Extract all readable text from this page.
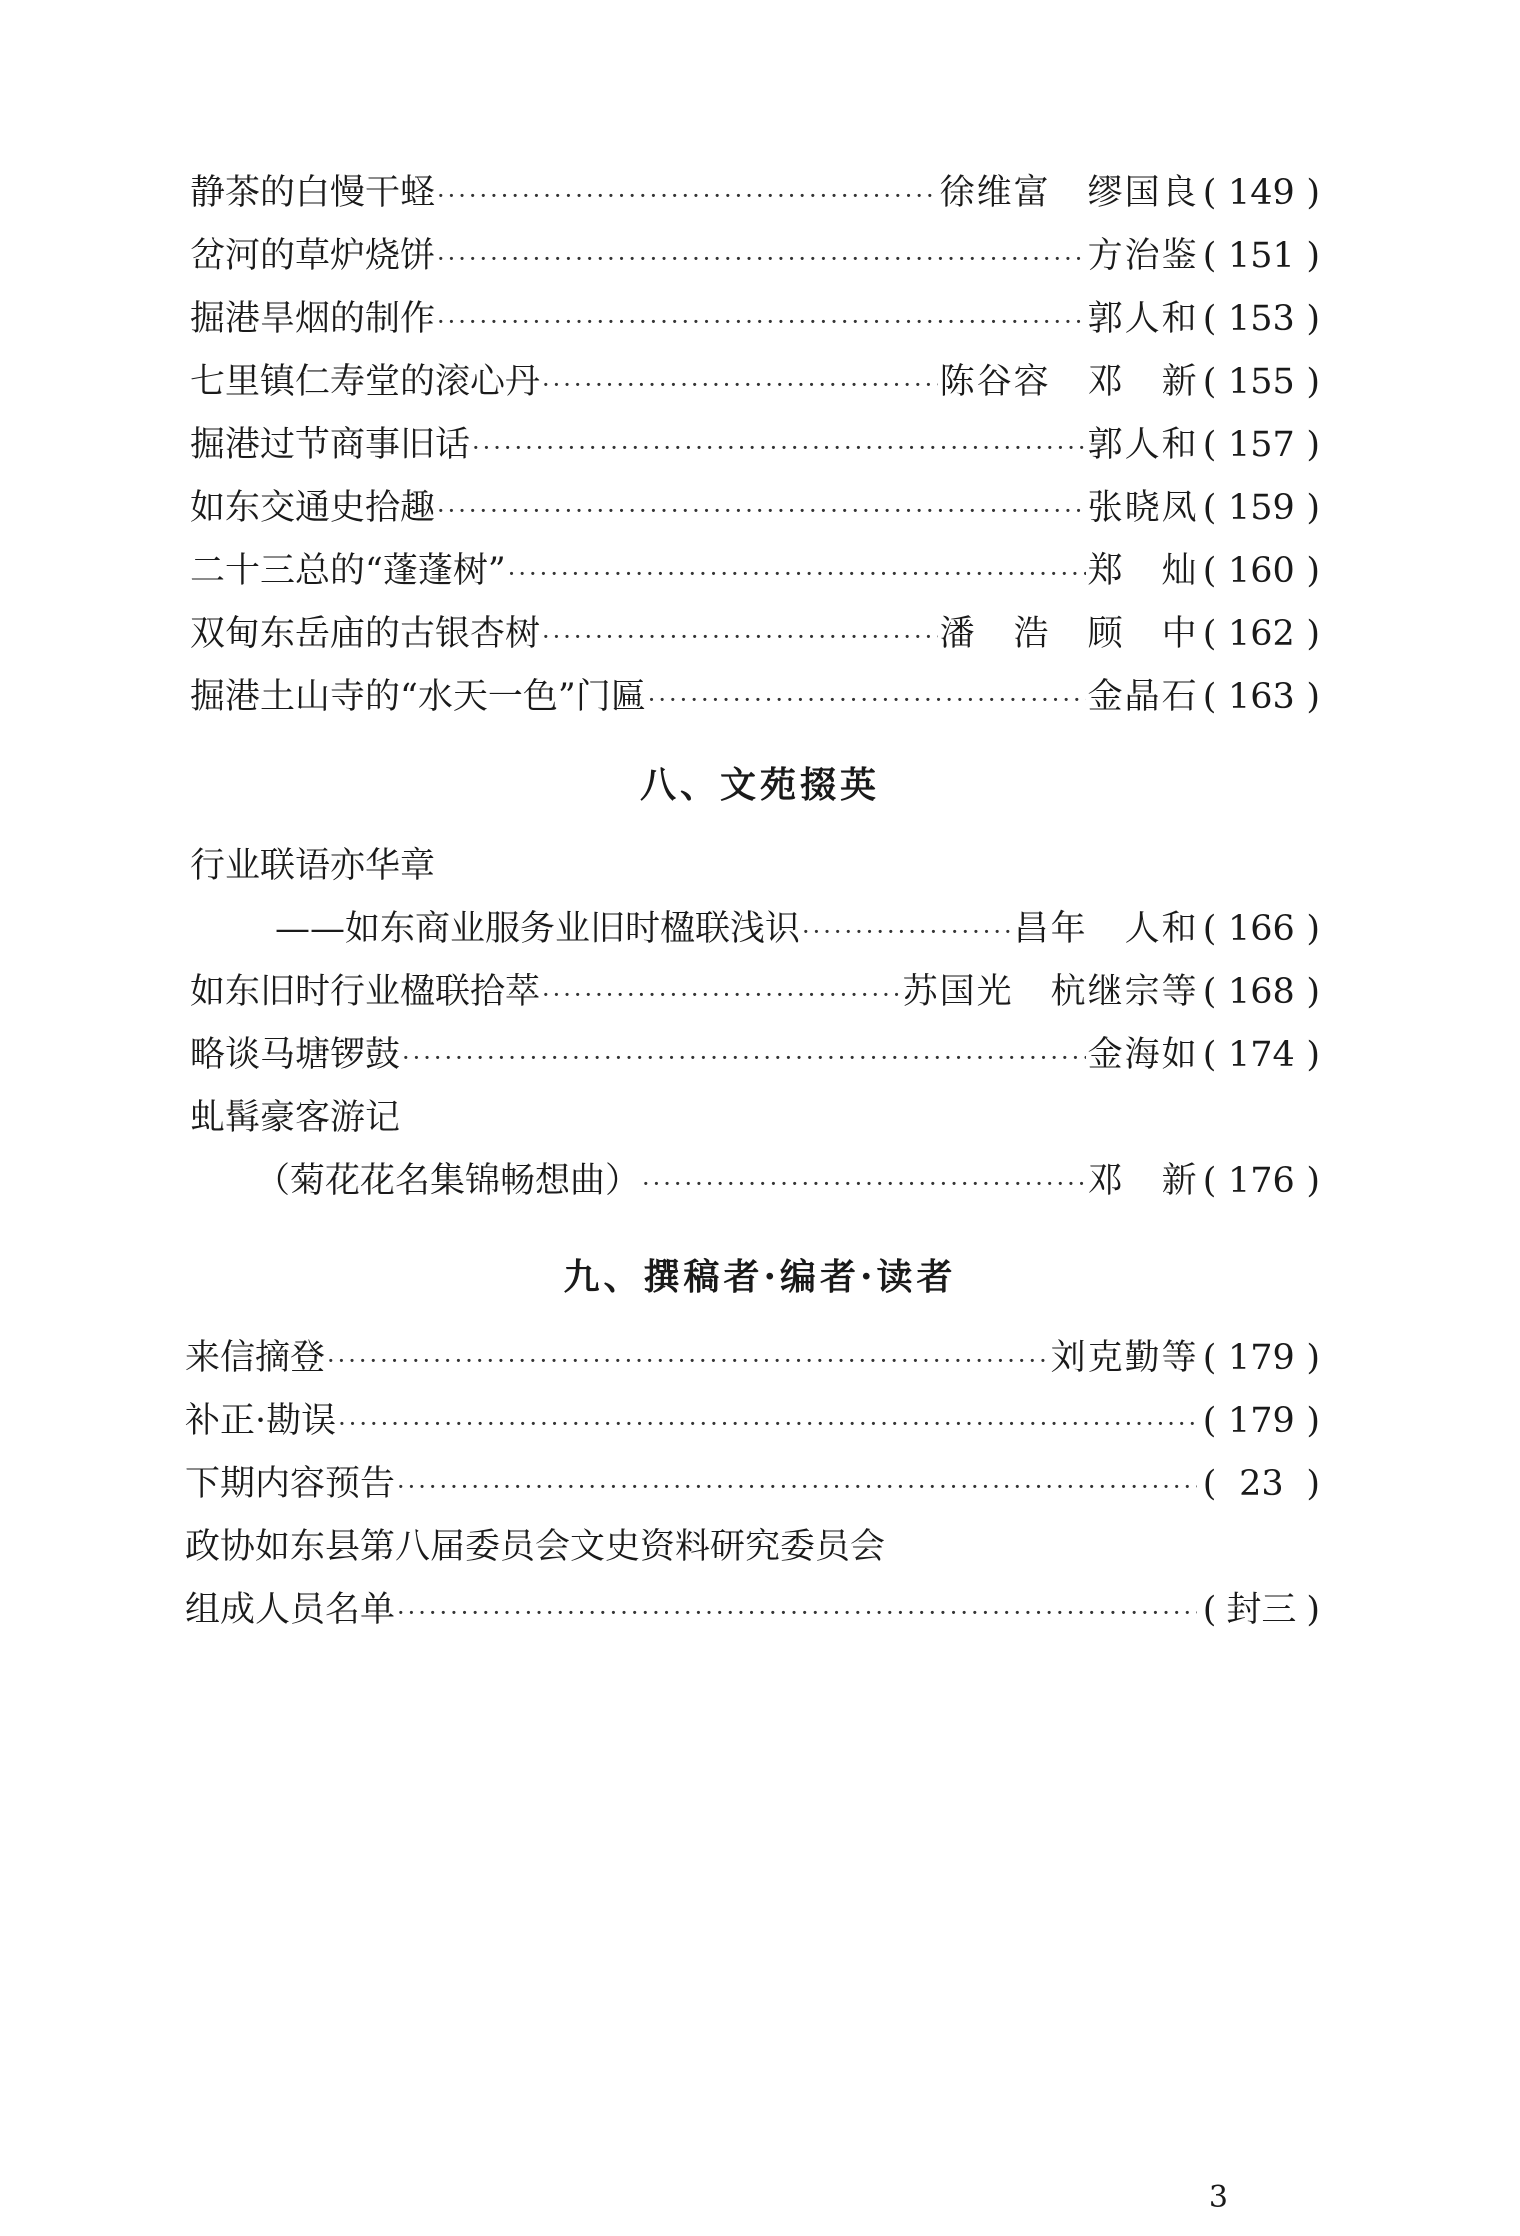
静茶的白慢干蛏 ·····	徐维富　缪国良 ( 149 )
岔河的草炉烧饼 ·····	方治鉴 ( 151 )
掘港旱烟的制作 ·····	郭人和 ( 153 )
七里镇仁寿堂的滚心丹 ·····	陈谷容　邓　新 ( 155 )
掘港过节商事旧话 ·····	郭人和 ( 157 )
如东交通史拾趣 ·····	张晓凤 ( 159 )
二十三总的“蓬蓬树” ·····	郑　灿 ( 160 )
双甸东岳庙的古银杏树 ·····	潘　浩　顾　中 ( 162 )
掘港土山寺的“水天一色”门匾 ·····	金晶石 ( 163 )
八、文苑掇英
行业联语亦华章
——如东商业服务业旧时楹联浅识 ·····	昌年　人和 ( 166 )
如东旧时行业楹联拾萃 ·····	苏国光　杭继宗等 ( 168 )
略谈马塘锣鼓 ·····	金海如 ( 174 )
虬髯豪客游记
（菊花花名集锦畅想曲） ·····	邓　新 ( 176 )
九、撰稿者·编者·读者
来信摘登 ·····	刘克勤等 ( 179 )
补正·勘误 ·····	( 179 )
下期内容预告 ·····	( 23 )
政协如东县第八届委员会文史资料研究委员会
组成人员名单 ·····	( 封三 )
3
